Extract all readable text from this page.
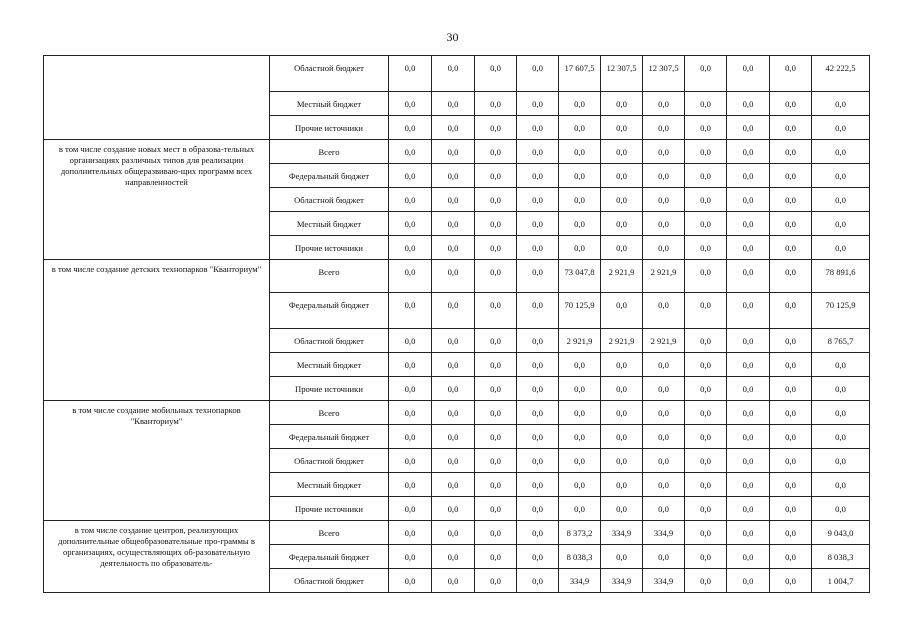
30
	Областной бюджет	0,0	0,0	0,0	0,0	17 607,5	12 307,5	12 307,5	0,0	0,0	0,0	42 222,5
	Местный бюджет	0,0	0,0	0,0	0,0	0,0	0,0	0,0	0,0	0,0	0,0	0,0
	Прочие источники	0,0	0,0	0,0	0,0	0,0	0,0	0,0	0,0	0,0	0,0	0,0
в том числе создание новых мест в образова-тельных организациях различных типов для реализации дополнительных общеразвиваю-щих программ всех направленностей	Всего	0,0	0,0	0,0	0,0	0,0	0,0	0,0	0,0	0,0	0,0	0,0
	Федеральный бюджет	0,0	0,0	0,0	0,0	0,0	0,0	0,0	0,0	0,0	0,0	0,0
	Областной бюджет	0,0	0,0	0,0	0,0	0,0	0,0	0,0	0,0	0,0	0,0	0,0
	Местный бюджет	0,0	0,0	0,0	0,0	0,0	0,0	0,0	0,0	0,0	0,0	0,0
	Прочие источники	0,0	0,0	0,0	0,0	0,0	0,0	0,0	0,0	0,0	0,0	0,0
в том числе создание детских технопарков "Кванториум"	Всего	0,0	0,0	0,0	0,0	73 047,8	2 921,9	2 921,9	0,0	0,0	0,0	78 891,6
	Федеральный бюджет	0,0	0,0	0,0	0,0	70 125,9	0,0	0,0	0,0	0,0	0,0	70 125,9
	Областной бюджет	0,0	0,0	0,0	0,0	2 921,9	2 921,9	2 921,9	0,0	0,0	0,0	8 765,7
	Местный бюджет	0,0	0,0	0,0	0,0	0,0	0,0	0,0	0,0	0,0	0,0	0,0
	Прочие источники	0,0	0,0	0,0	0,0	0,0	0,0	0,0	0,0	0,0	0,0	0,0
в том числе создание мобильных технопарков "Кванториум"	Всего	0,0	0,0	0,0	0,0	0,0	0,0	0,0	0,0	0,0	0,0	0,0
	Федеральный бюджет	0,0	0,0	0,0	0,0	0,0	0,0	0,0	0,0	0,0	0,0	0,0
	Областной бюджет	0,0	0,0	0,0	0,0	0,0	0,0	0,0	0,0	0,0	0,0	0,0
	Местный бюджет	0,0	0,0	0,0	0,0	0,0	0,0	0,0	0,0	0,0	0,0	0,0
	Прочие источники	0,0	0,0	0,0	0,0	0,0	0,0	0,0	0,0	0,0	0,0	0,0
в том числе создание центров, реализующих дополнительные общеобразовательные про-граммы в организациях, осуществляющих об-разовательную деятельность по образователь-	Всего	0,0	0,0	0,0	0,0	8 373,2	334,9	334,9	0,0	0,0	0,0	9 043,0
	Федеральный бюджет	0,0	0,0	0,0	0,0	8 038,3	0,0	0,0	0,0	0,0	0,0	8 038,3
	Областной бюджет	0,0	0,0	0,0	0,0	334,9	334,9	334,9	0,0	0,0	0,0	1 004,7
